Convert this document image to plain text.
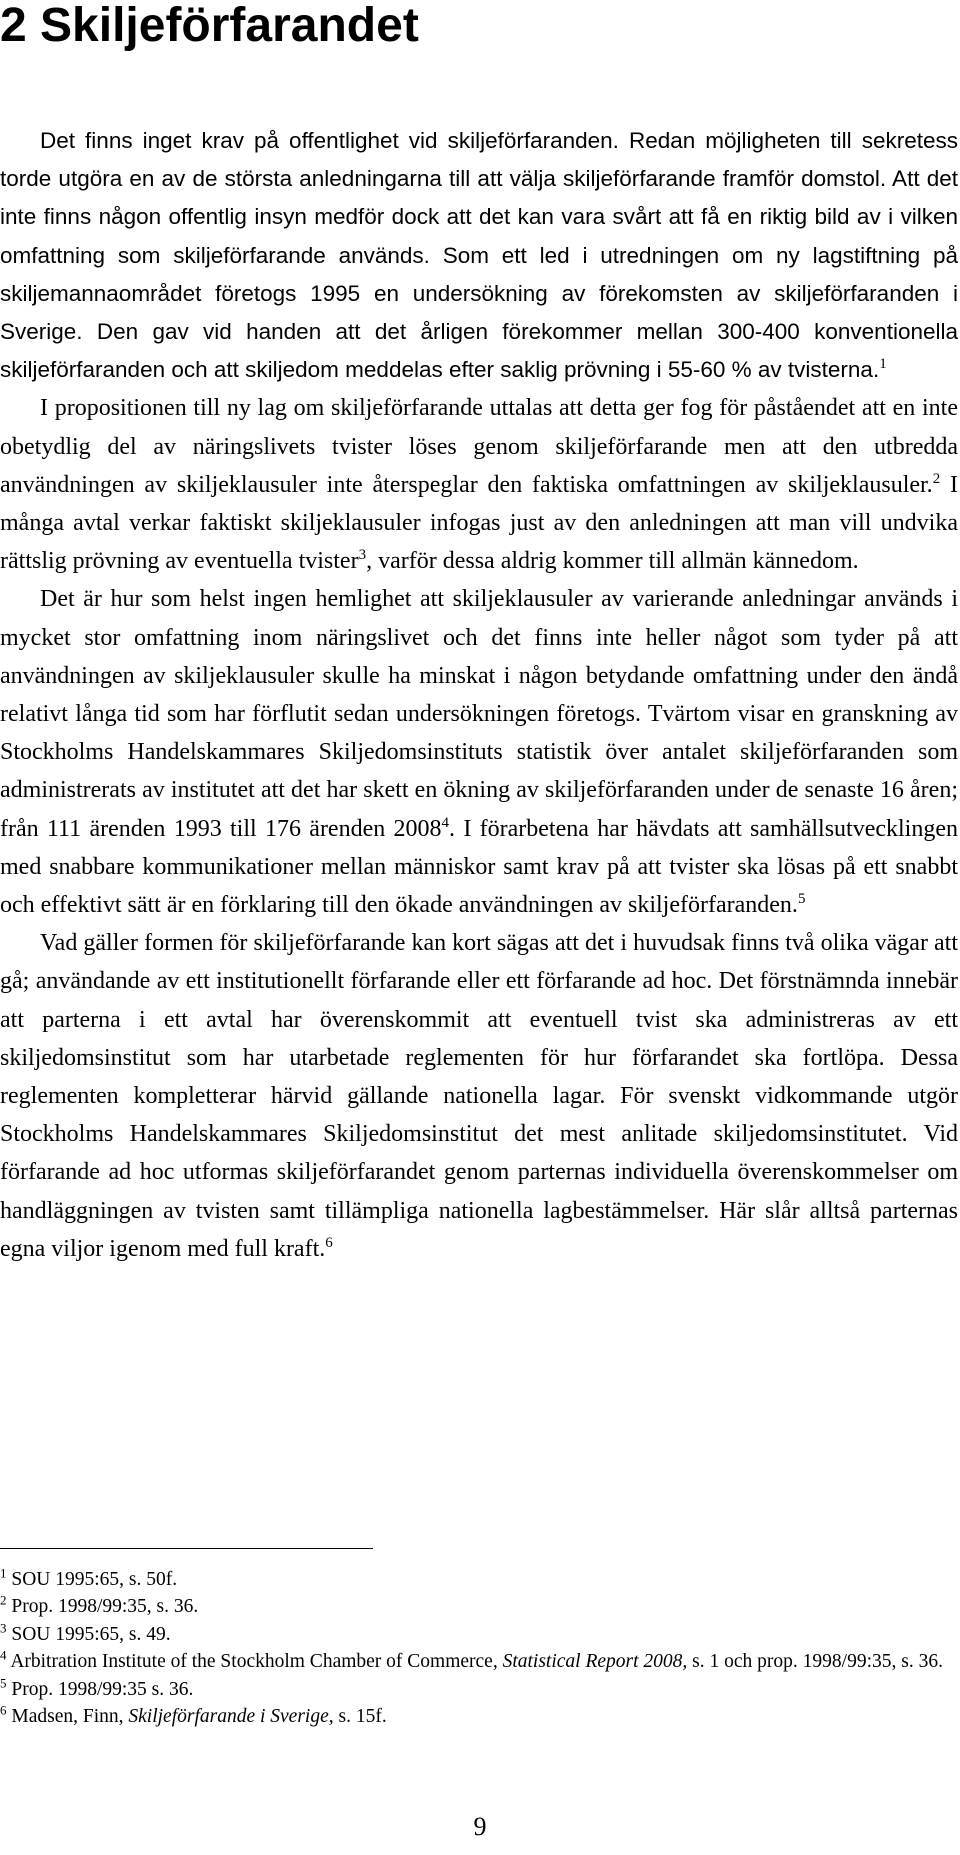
2 Skiljeförfarandet

Det finns inget krav på offentlighet vid skiljeförfaranden. Redan möjligheten till sekretess torde utgöra en av de största anledningarna till att välja skiljeförfarande framför domstol. Att det inte finns någon offentlig insyn medför dock att det kan vara svårt att få en riktig bild av i vilken omfattning som skiljeförfarande används. Som ett led i utredningen om ny lagstiftning på skiljemannaområdet företogs 1995 en undersökning av förekomsten av skiljeförfaranden i Sverige. Den gav vid handen att det årligen förekommer mellan 300-400 konventionella skiljeförfaranden och att skiljedom meddelas efter saklig prövning i 55-60 % av tvisterna.$^1$

I propositionen till ny lag om skiljeförfarande uttalas att detta ger fog för påståendet att en inte obetydlig del av näringslivets tvister löses genom skiljeförfarande men att den utbredda användningen av skiljeklausuler inte återspeglar den faktiska omfattningen av skiljeklausuler.$^2$ I många avtal verkar faktiskt skiljeklausuler infogas just av den anledningen att man vill undvika rättslig prövning av eventuella tvister$^3$, varför dessa aldrig kommer till allmän kännedom.

Det är hur som helst ingen hemlighet att skiljeklausuler av varierande anledningar används i mycket stor omfattning inom näringslivet och det finns inte heller något som tyder på att användningen av skiljeklausuler skulle ha minskat i någon betydande omfattning under den ändå relativt långa tid som har förflutit sedan undersökningen företogs. Tvärtom visar en granskning av Stockholms Handelskammares Skiljedomsinstituts statistik över antalet skiljeförfaranden som administrerats av institutet att det har skett en ökning av skiljeförfaranden under de senaste 16 åren; från 111 ärenden 1993 till 176 ärenden 2008$^4$. I förarbetena har hävdats att samhällsutvecklingen med snabbare kommunikationer mellan människor samt krav på att tvister ska lösas på ett snabbt och effektivt sätt är en förklaring till den ökade användningen av skiljeförfaranden.$^5$

Vad gäller formen för skiljeförfarande kan kort sägas att det i huvudsak finns två olika vägar att gå; användande av ett institutionellt förfarande eller ett förfarande ad hoc. Det förstnämnda innebär att parterna i ett avtal har överenskommit att eventuell tvist ska administreras av ett skiljedomsinstitut som har utarbetade reglementen för hur förfarandet ska fortlöpa. Dessa reglementen kompletterar härvid gällande nationella lagar. För svenskt vidkommande utgör Stockholms Handelskammares Skiljedomsinstitut det mest anlitade skiljedomsinstitutet. Vid förfarande ad hoc utformas skiljeförfarandet genom parternas individuella överenskommelser om handläggningen av tvisten samt tillämpliga nationella lagbestämmelser. Här slår alltså parternas egna viljor igenom med full kraft.$^6$

$^1$ SOU 1995:65, s. 50f.

$^2$ Prop. 1998/99:35, s. 36.

$^3$ SOU 1995:65, s. 49.

$^4$ Arbitration Institute of the Stockholm Chamber of Commerce, Statistical Report 2008, s. 1 och prop. 1998/99:35, s. 36.

$^5$ Prop. 1998/99:35 s. 36.

$^6$ Madsen, Finn, Skiljeförfarande i Sverige, s. 15f.

9
